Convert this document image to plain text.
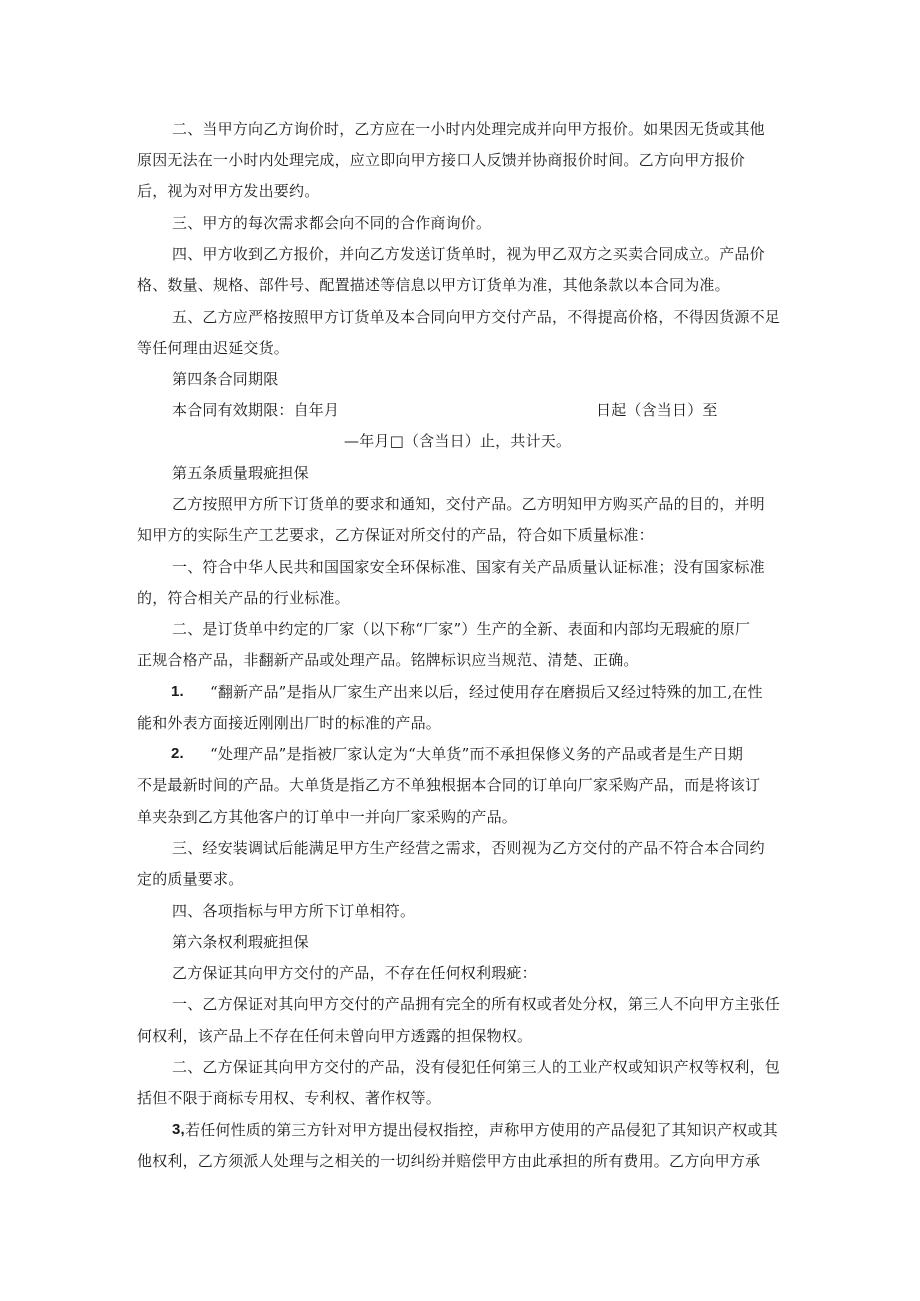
二、当甲方向乙方询价时，乙方应在一小时内处理完成并向甲方报价。如果因无货或其他
原因无法在一小时内处理完成，应立即向甲方接口人反馈并协商报价时间。乙方向甲方报价
后，视为对甲方发出要约。
三、甲方的每次需求都会向不同的合作商询价。
四、甲方收到乙方报价，并向乙方发送订货单时，视为甲乙双方之买卖合同成立。产品价
格、数量、规格、部件号、配置描述等信息以甲方订货单为准，其他条款以本合同为准。
五、乙方应严格按照甲方订货单及本合同向甲方交付产品，不得提高价格，不得因货源不足
等任何理由迟延交货。
第四条合同期限
本合同有效期限：自年月	日起（含当日）至
—年月□（含当日）止，共计天。
第五条质量瑕疵担保
乙方按照甲方所下订货单的要求和通知，交付产品。乙方明知甲方购买产品的目的，并明
知甲方的实际生产工艺要求，乙方保证对所交付的产品，符合如下质量标准：
一、符合中华人民共和国国家安全环保标准、国家有关产品质量认证标准；没有国家标准
的，符合相关产品的行业标准。
二、是订货单中约定的厂家（以下称“厂家”）生产的全新、表面和内部均无瑕疵的原厂
正规合格产品，非翻新产品或处理产品。铭牌标识应当规范、清楚、正确。
1. “翻新产品”是指从厂家生产出来以后，经过使用存在磨损后又经过特殊的加工,在性
能和外表方面接近刚刚出厂时的标准的产品。
2. “处理产品”是指被厂家认定为“大单货”而不承担保修义务的产品或者是生产日期
不是最新时间的产品。大单货是指乙方不单独根据本合同的订单向厂家采购产品，而是将该订
单夹杂到乙方其他客户的订单中一并向厂家采购的产品。
三、经安装调试后能满足甲方生产经营之需求，否则视为乙方交付的产品不符合本合同约
定的质量要求。
四、各项指标与甲方所下订单相符。
第六条权利瑕疵担保
乙方保证其向甲方交付的产品，不存在任何权利瑕疵：
一、乙方保证对其向甲方交付的产品拥有完全的所有权或者处分权，第三人不向甲方主张任
何权利，该产品上不存在任何未曾向甲方透露的担保物权。
二、乙方保证其向甲方交付的产品，没有侵犯任何第三人的工业产权或知识产权等权利，包
括但不限于商标专用权、专利权、著作权等。
3, 若任何性质的第三方针对甲方提出侵权指控，声称甲方使用的产品侵犯了其知识产权或其
他权利，乙方须派人处理与之相关的一切纠纷并赔偿甲方由此承担的所有费用。乙方向甲方承
